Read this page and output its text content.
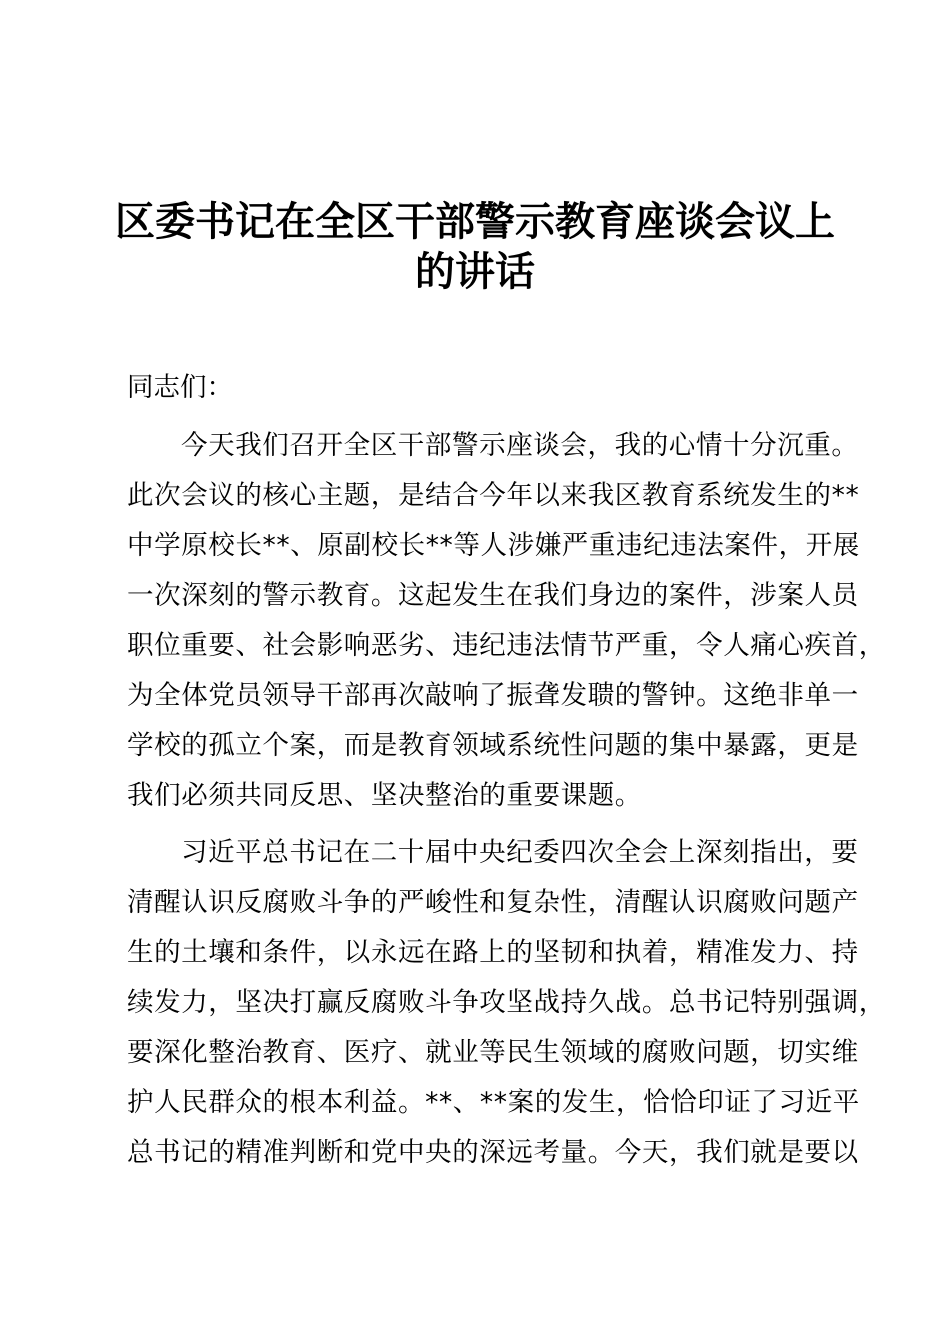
区委书记在全区干部警示教育座谈会议上
的讲话
同志们：
今天我们召开全区干部警示座谈会，我的心情十分沉重。
此次会议的核心主题，是结合今年以来我区教育系统发生的**
中学原校长**、原副校长**等人涉嫌严重违纪违法案件，开展
一次深刻的警示教育。这起发生在我们身边的案件，涉案人员
职位重要、社会影响恶劣、违纪违法情节严重，令人痛心疾首，
为全体党员领导干部再次敲响了振聋发聩的警钟。这绝非单一
学校的孤立个案，而是教育领域系统性问题的集中暴露，更是
我们必须共同反思、坚决整治的重要课题。
习近平总书记在二十届中央纪委四次全会上深刻指出，要
清醒认识反腐败斗争的严峻性和复杂性，清醒认识腐败问题产
生的土壤和条件，以永远在路上的坚韧和执着，精准发力、持
续发力，坚决打赢反腐败斗争攻坚战持久战。总书记特别强调，
要深化整治教育、医疗、就业等民生领域的腐败问题，切实维
护人民群众的根本利益。**、**案的发生，恰恰印证了习近平
总书记的精准判断和党中央的深远考量。今天，我们就是要以
